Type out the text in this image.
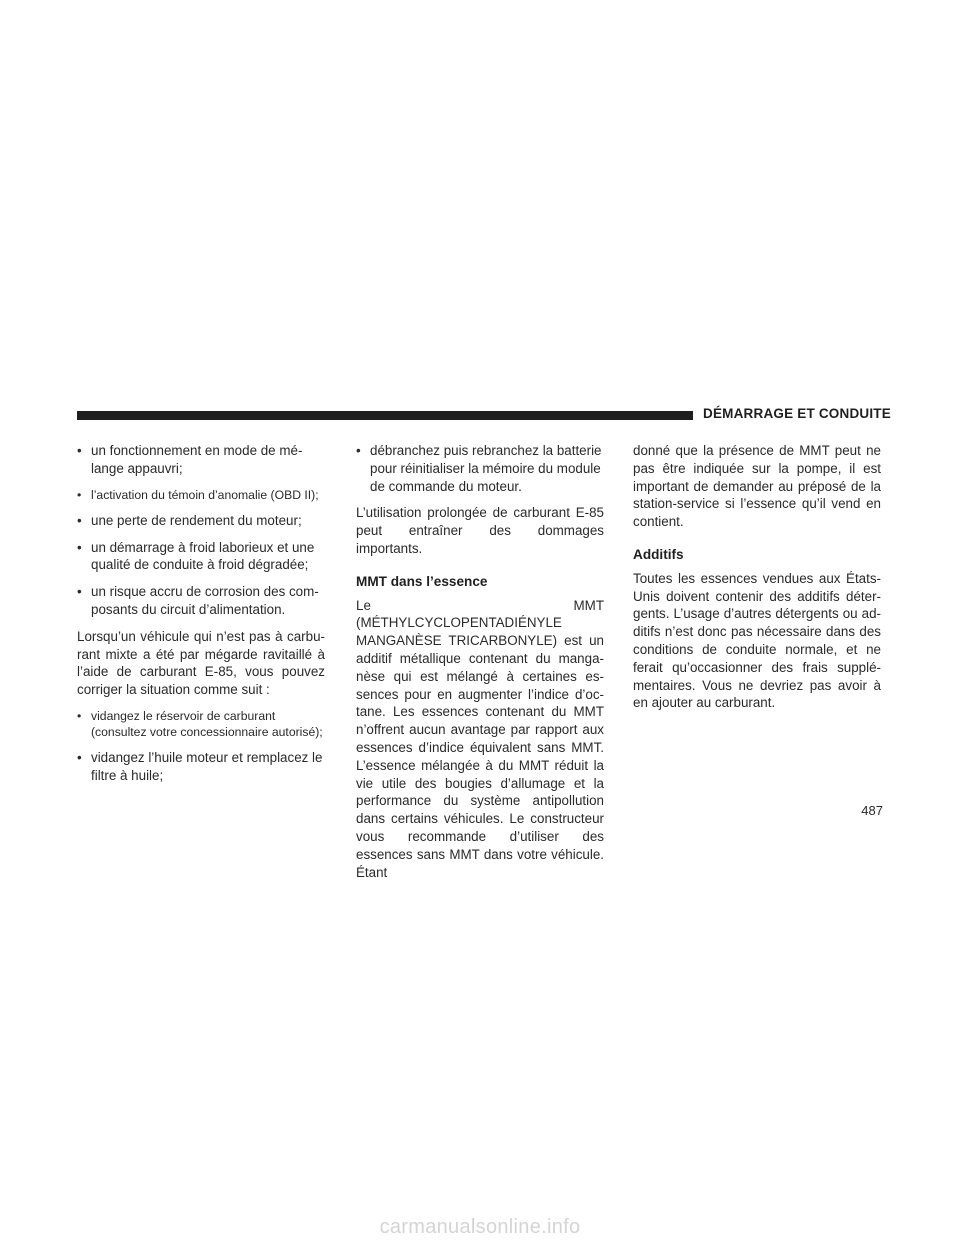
DÉMARRAGE ET CONDUITE
• un fonctionnement en mode de mé-lange appauvri;
• l’activation du témoin d’anomalie (OBD II);
• une perte de rendement du moteur;
• un démarrage à froid laborieux et une qualité de conduite à froid dégradée;
• un risque accru de corrosion des com-posants du circuit d’alimentation.

Lorsqu’un véhicule qui n’est pas à carbu-rant mixte a été par mégarde ravitaillé à l’aide de carburant E-85, vous pouvez corriger la situation comme suit :

• vidangez le réservoir de carburant (consultez votre concessionnaire autorisé);
• vidangez l’huile moteur et remplacez le filtre à huile;
• débranchez puis rebranchez la batterie pour réinitialiser la mémoire du module de commande du moteur.

L’utilisation prolongée de carburant E-85 peut entraîner des dommages importants.

MMT dans l’essence

Le MMT (MÉTHYLCYCLOPENTADIÉNYLE MANGANÈSE TRICARBONYLE) est un additif métallique contenant du manga-nèse qui est mélangé à certaines es-sences pour en augmenter l’indice d’oc-tane. Les essences contenant du MMT n’offrent aucun avantage par rapport aux essences d’indice équivalent sans MMT. L’essence mélangée à du MMT réduit la vie utile des bougies d’allumage et la performance du système antipollution dans certains véhicules. Le constructeur vous recommande d’utiliser des essences sans MMT dans votre véhicule. Étant

donné que la présence de MMT peut ne pas être indiquée sur la pompe, il est important de demander au préposé de la station-service si l’essence qu’il vend en contient.

Additifs

Toutes les essences vendues aux États-Unis doivent contenir des additifs déter-gents. L’usage d’autres détergents ou ad-ditifs n’est donc pas nécessaire dans des conditions de conduite normale, et ne ferait qu’occasionner des frais supplé-mentaires. Vous ne devriez pas avoir à en ajouter au carburant.

487
carmanualsonline.info
